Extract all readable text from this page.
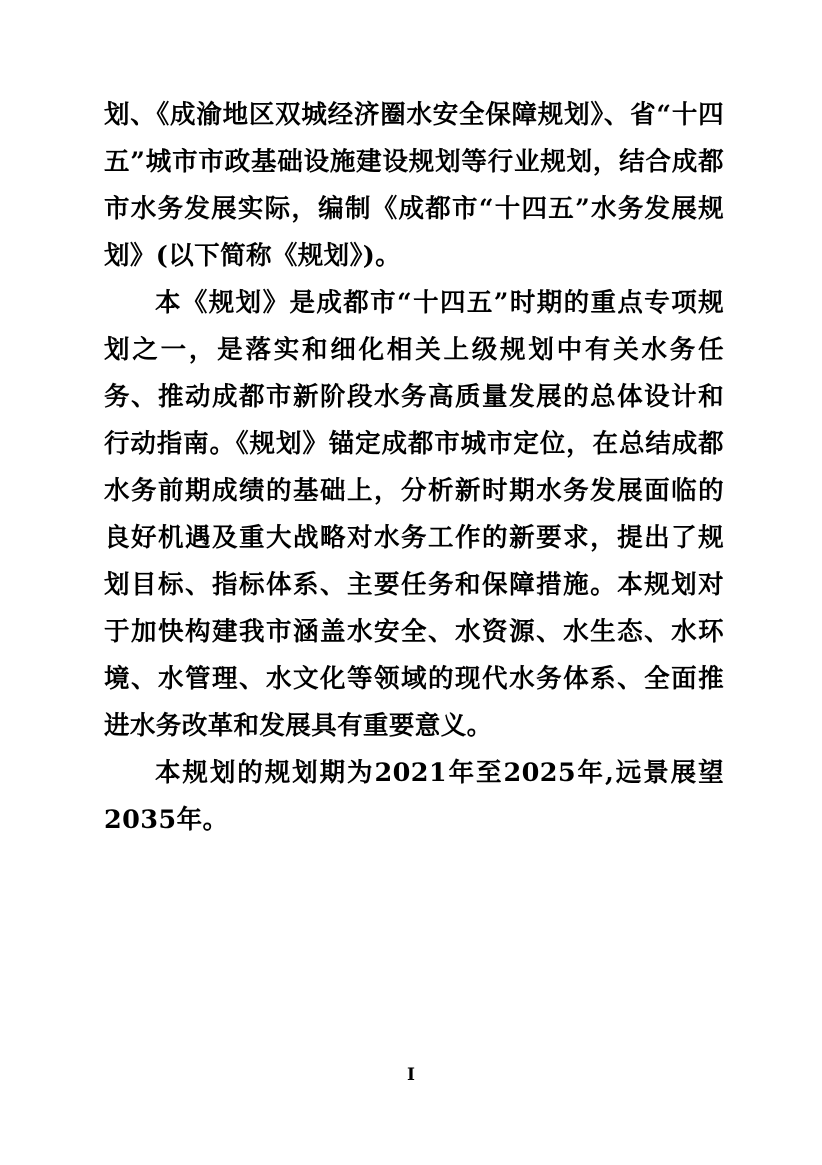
划、《成渝地区双城经济圈水安全保障规划》、省“十四五”城市市政基础设施建设规划等行业规划，结合成都市水务发展实际，编制《成都市“十四五”水务发展规划》(以下简称《规划》)。

本《规划》是成都市“十四五”时期的重点专项规划之一，是落实和细化相关上级规划中有关水务任务、推动成都市新阶段水务高质量发展的总体设计和行动指南。《规划》锚定成都市城市定位，在总结成都水务前期成绩的基础上，分析新时期水务发展面临的良好机遇及重大战略对水务工作的新要求，提出了规划目标、指标体系、主要任务和保障措施。本规划对于加快构建我市涵盖水安全、水资源、水生态、水环境、水管理、水文化等领域的现代水务体系、全面推进水务改革和发展具有重要意义。

本规划的规划期为2021年至2025年,远景展望2035年。

I
